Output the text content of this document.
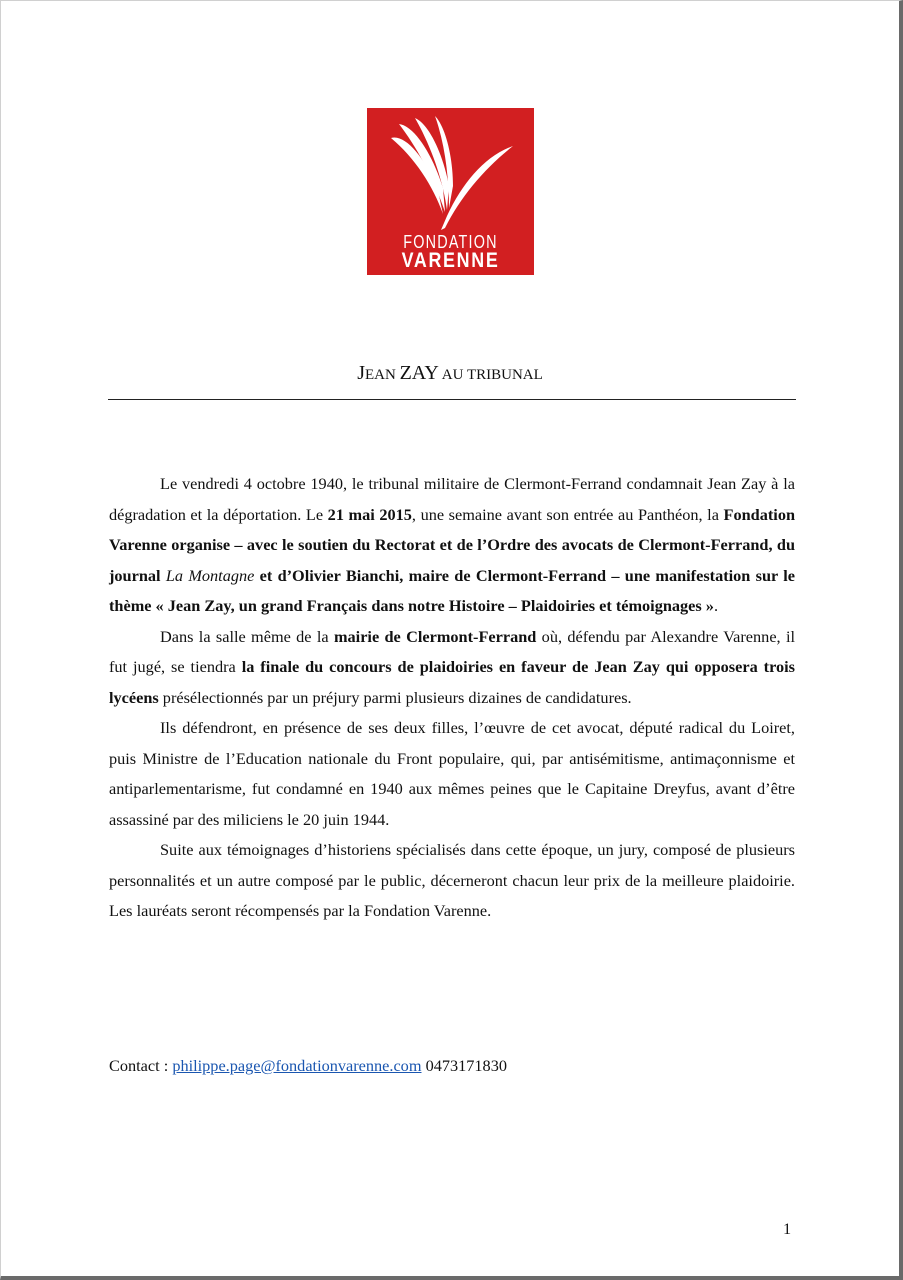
FONDATION
VARENNE
JEAN ZAY AU TRIBUNAL

Le vendredi 4 octobre 1940, le tribunal militaire de Clermont-Ferrand condamnait Jean Zay à la dégradation et la déportation. Le 21 mai 2015, une semaine avant son entrée au Panthéon, la Fondation Varenne organise – avec le soutien du Rectorat et de l’Ordre des avocats de Clermont-Ferrand, du journal La Montagne et d’Olivier Bianchi, maire de Clermont-Ferrand – une manifestation sur le thème « Jean Zay, un grand Français dans notre Histoire – Plaidoiries et témoignages ».

Dans la salle même de la mairie de Clermont-Ferrand où, défendu par Alexandre Varenne, il fut jugé, se tiendra la finale du concours de plaidoiries en faveur de Jean Zay qui opposera trois lycéens présélectionnés par un préjury parmi plusieurs dizaines de candidatures.

Ils défendront, en présence de ses deux filles, l’œuvre de cet avocat, député radical du Loiret, puis Ministre de l’Education nationale du Front populaire, qui, par antisémitisme, antimaçonnisme et antiparlementarisme, fut condamné en 1940 aux mêmes peines que le Capitaine Dreyfus, avant d’être assassiné par des miliciens le 20 juin 1944.

Suite aux témoignages d’historiens spécialisés dans cette époque, un jury, composé de plusieurs personnalités et un autre composé par le public, décerneront chacun leur prix de la meilleure plaidoirie. Les lauréats seront récompensés par la Fondation Varenne.

Contact : philippe.page@fondationvarenne.com 0473171830
1
